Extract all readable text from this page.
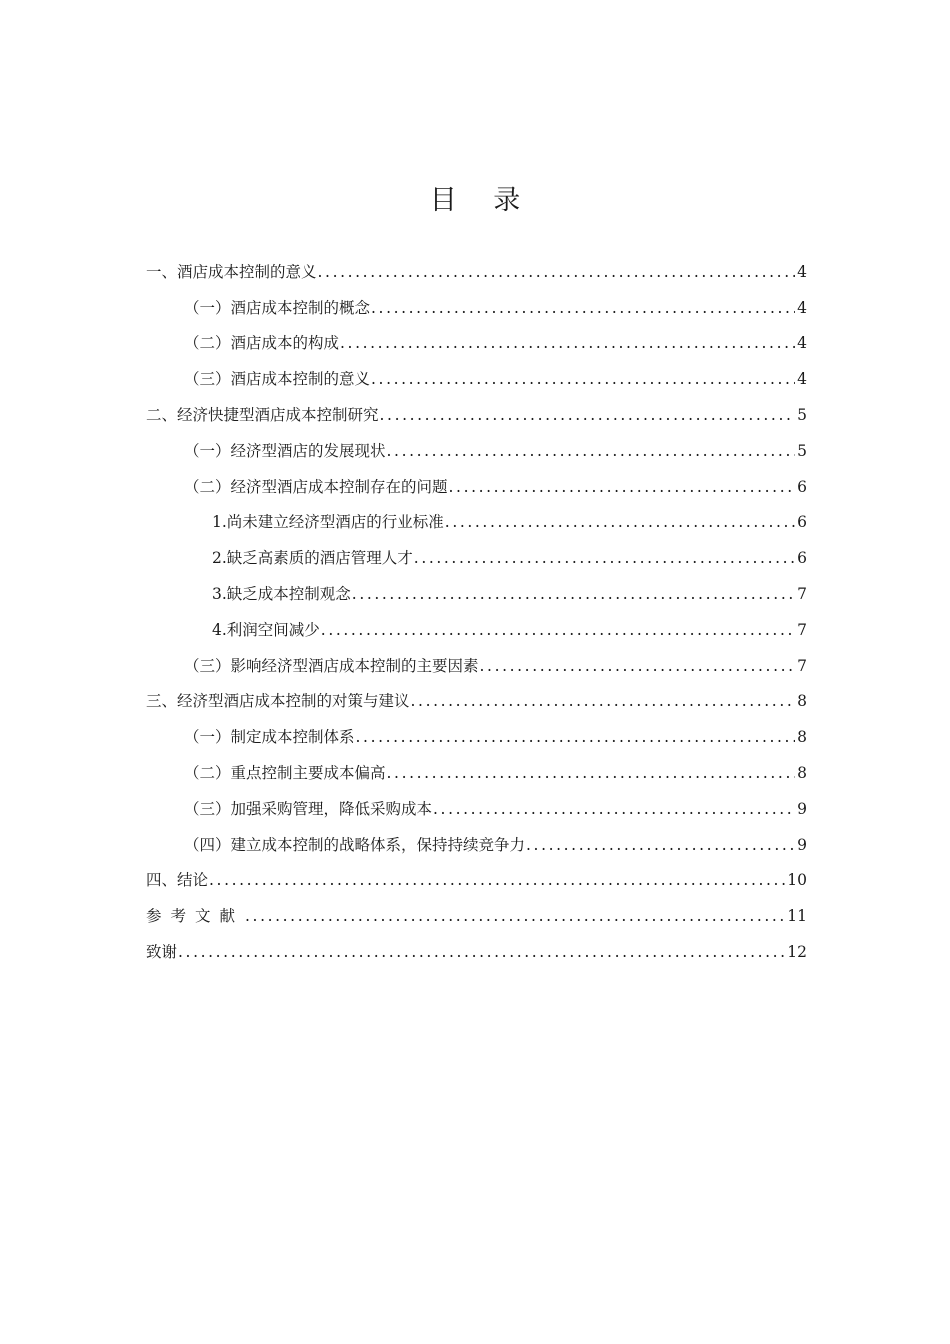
目 录
一、酒店成本控制的意义 .....	4
（一）酒店成本控制的概念 .....	4
（二）酒店成本的构成 .....	4
（三）酒店成本控制的意义 .....	4
二、经济快捷型酒店成本控制研究 .....	5
（一）经济型酒店的发展现状 .....	5
（二）经济型酒店成本控制存在的问题 .....	6
1.尚未建立经济型酒店的行业标准 .....	6
2.缺乏高素质的酒店管理人才 .....	6
3.缺乏成本控制观念 .....	7
4.利润空间减少 .....	7
（三）影响经济型酒店成本控制的主要因素 .....	7
三、经济型酒店成本控制的对策与建议 .....	8
（一）制定成本控制体系 .....	8
（二）重点控制主要成本偏高 .....	8
（三）加强采购管理，降低采购成本 .....	9
（四）建立成本控制的战略体系，保持持续竞争力 .....	9
四、结论 .....	10
参考文献 .....	11
致谢 .....	12
